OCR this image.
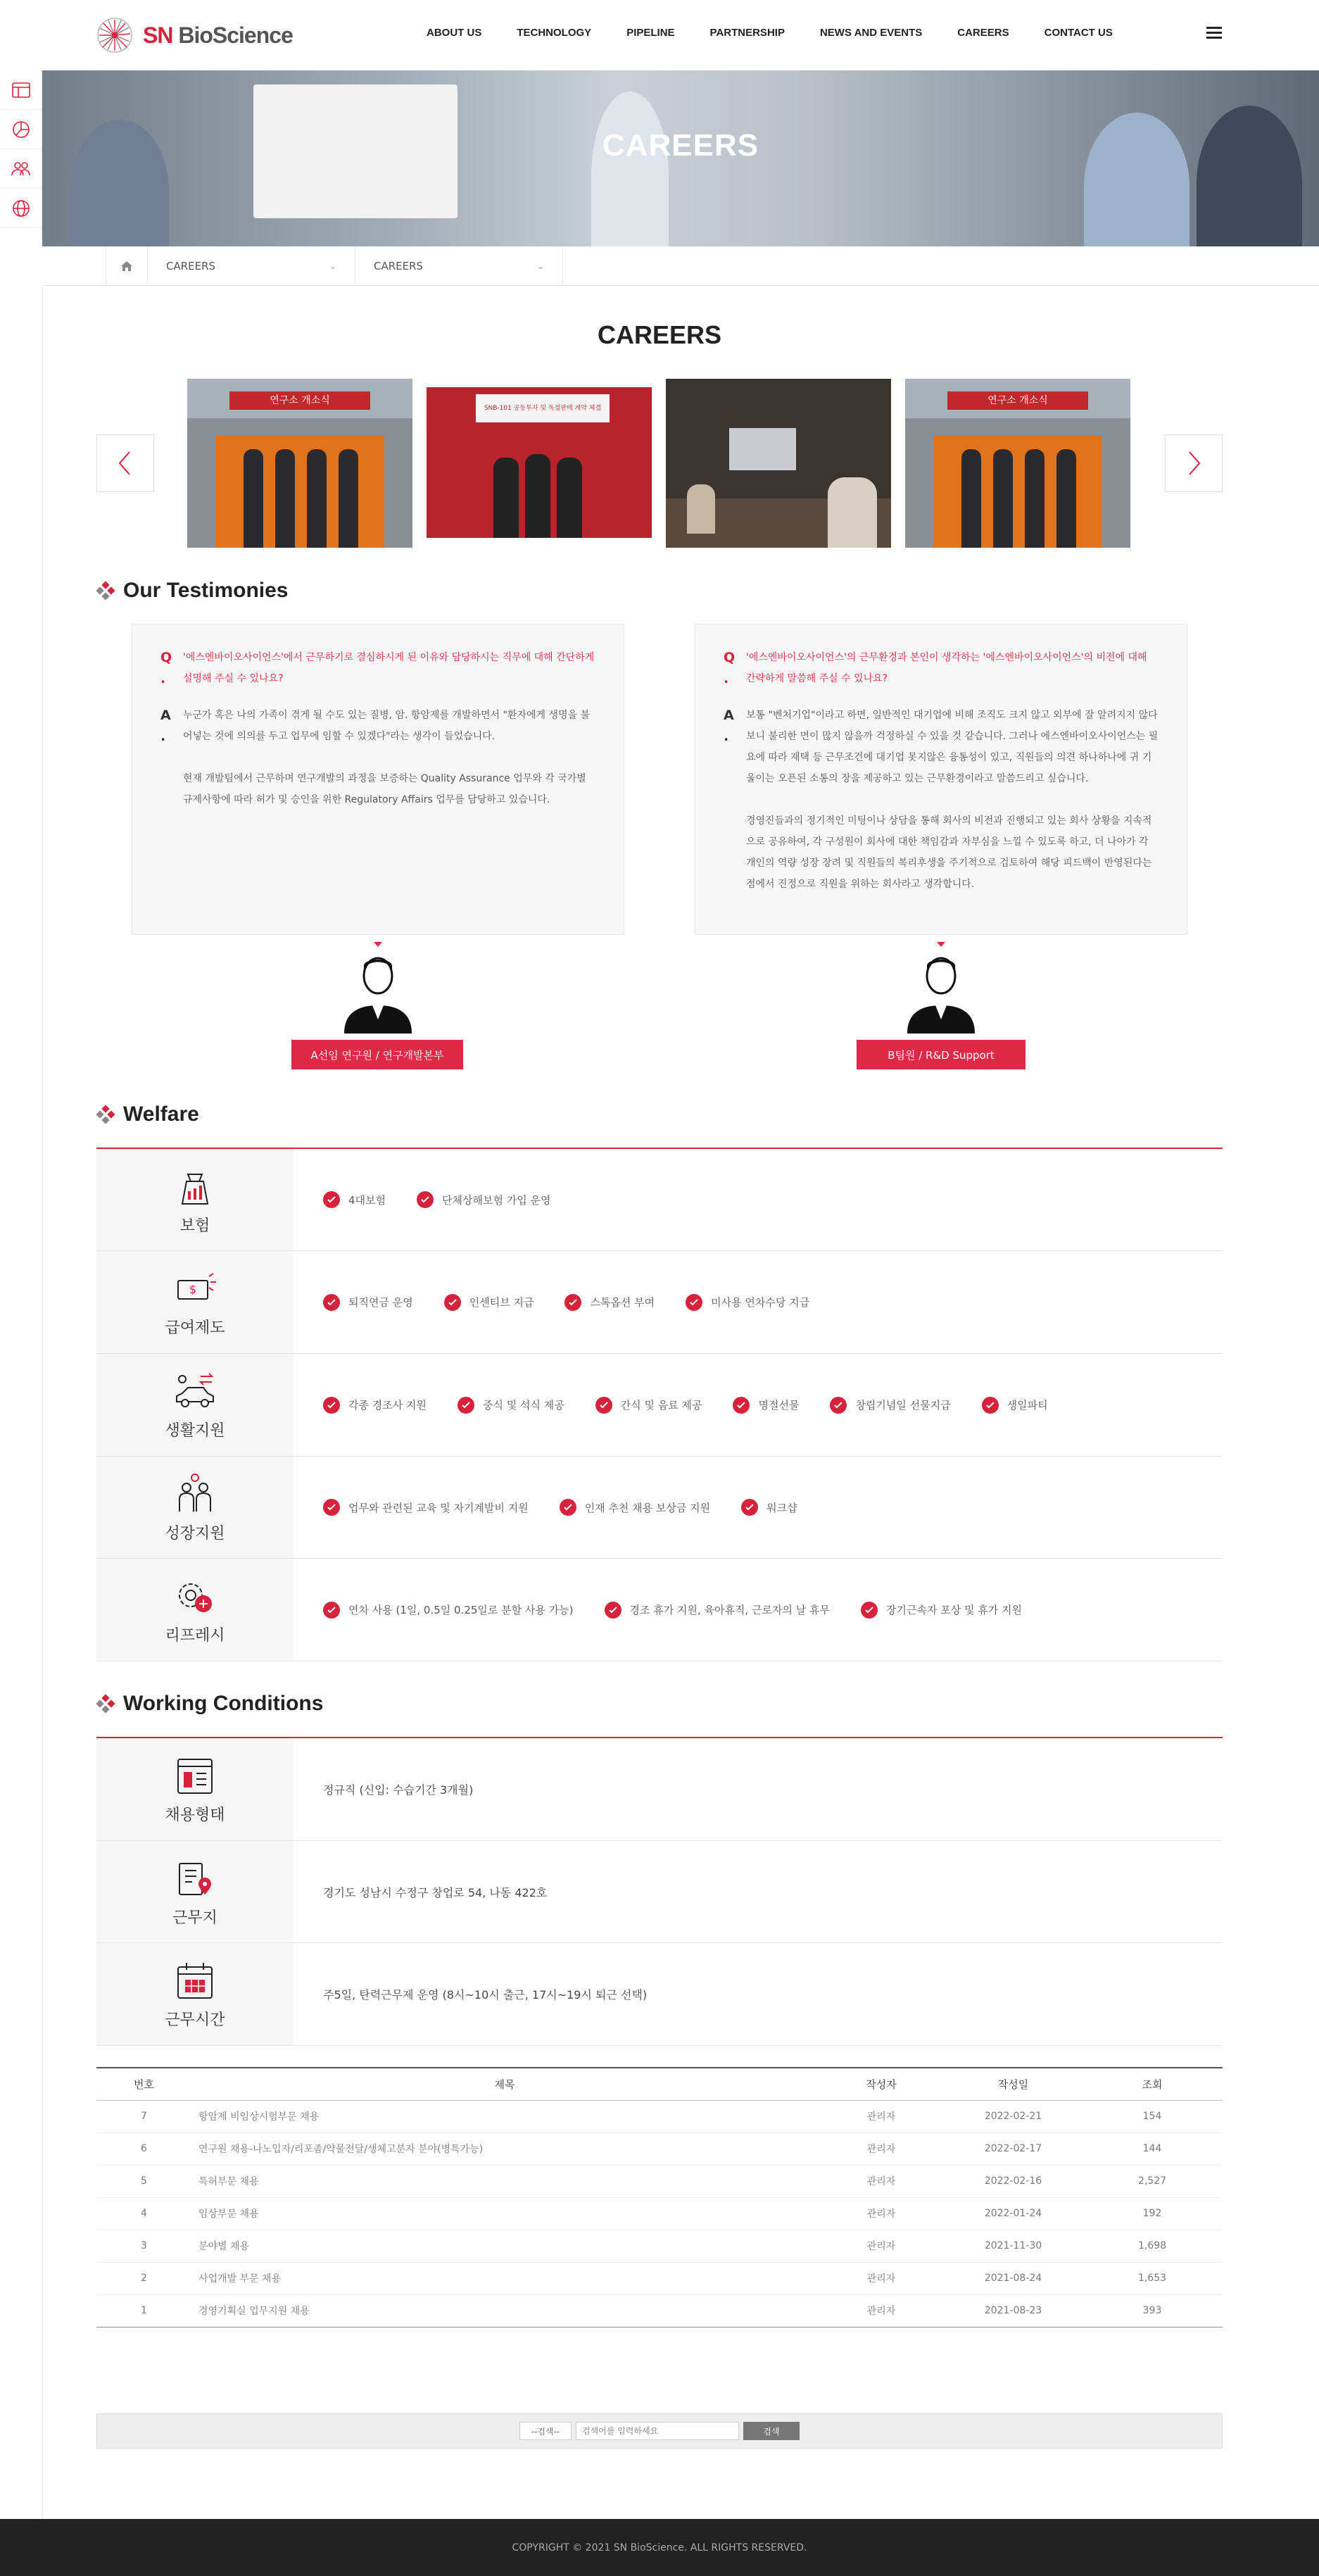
SN BioScience	ABOUT US	TECHNOLOGY	PIPELINE	PARTNERSHIP	NEWS AND EVENTS	CAREERS	CONTACT US
CAREERS
CAREERS	⌄	CAREERS	⌄
CAREERS
연구소 개소식
SNB-101 공동투자 및 독점판매 계약 체결
연구소 개소식
Our Testimonies
Q .
'에스엔바이오사이언스'에서 근무하기로 결심하시게 된 이유와 담당하시는 직무에 대해 간단하게 설명해 주실 수 있나요?
A .

누군가 혹은 나의 가족이 겪게 될 수도 있는 질병, 암. 항암제를 개발하면서 "환자에게 생명을 불어넣는 것에 의의를 두고 업무에 임할 수 있겠다"라는 생각이 들었습니다.

현재 개발팀에서 근무하며 연구개발의 과정을 보증하는 Quality Assurance 업무와 각 국가별 규제사항에 따라 허가 및 승인을 위한 Regulatory Affairs 업무를 담당하고 있습니다.

Q .
'에스엔바이오사이언스'의 근무환경과 본인이 생각하는 '에스엔바이오사이언스'의 비전에 대해 간략하게 말씀해 주실 수 있나요?
A .

보통 "벤처기업"이라고 하면, 일반적인 대기업에 비해 조직도 크지 않고 외부에 잘 알려지지 않다 보니 불리한 면이 많지 않을까 걱정하실 수 있을 것 같습니다. 그러나 에스엔바이오사이언스는 필요에 따라 재택 등 근무조건에 대기업 못지않은 융통성이 있고, 직원들의 의견 하나하나에 귀 기울이는 오픈된 소통의 장을 제공하고 있는 근무환경이라고 말씀드리고 싶습니다.

경영진들과의 정기적인 미팅이나 상담을 통해 회사의 비전과 진행되고 있는 회사 상황을 지속적으로 공유하여, 각 구성원이 회사에 대한 책임감과 자부심을 느낄 수 있도록 하고, 더 나아가 각 개인의 역량 성장 장려 및 직원들의 복리후생을 주기적으로 검토하여 해당 피드백이 반영된다는 점에서 진정으로 직원을 위하는 회사라고 생각합니다.

A선임 연구원 / 연구개발본부	B팀원 / R&D Support
Welfare
보험
4대보험	단체상해보험 가입 운영
$
급여제도
퇴직연금 운영	인센티브 지급	스톡옵션 부여	미사용 연차수당 지급
생활지원
각종 경조사 지원	중식 및 석식 제공	간식 및 음료 제공	명절선물	창립기념일 선물지급	생일파티
성장지원
업무와 관련된 교육 및 자기계발비 지원	인재 추천 채용 보상금 지원	워크샵
리프레시
연차 사용 (1일, 0.5일 0.25일로 분할 사용 가능)	경조 휴가 지원, 육아휴직, 근로자의 날 휴무	장기근속자 포상 및 휴가 지원
Working Conditions
채용형태
정규직 (신입: 수습기간 3개월)
근무지
경기도 성남시 수정구 창업로 54, 나동 422호
근무시간
주5일, 탄력근무제 운영 (8시~10시 출근, 17시~19시 퇴근 선택)
번호	제목	작성자	작성일	조회
7	항암제 비임상시험부문 채용	관리자	2022-02-21	154
6	연구원 채용-나노입자/리포좀/약물전달/생체고분자 분야(병특가능)	관리자	2022-02-17	144
5	특허부문 채용	관리자	2022-02-16	2,527
4	임상부문 채용	관리자	2022-01-24	192
3	분야별 채용	관리자	2021-11-30	1,698
2	사업개발 부문 채용	관리자	2021-08-24	1,653
1	경영기획실 업무지원 채용	관리자	2021-08-23	393
--검색--
검색어를 입력하세요	검색
COPYRIGHT © 2021 SN BioScience. ALL RIGHTS RESERVED.
